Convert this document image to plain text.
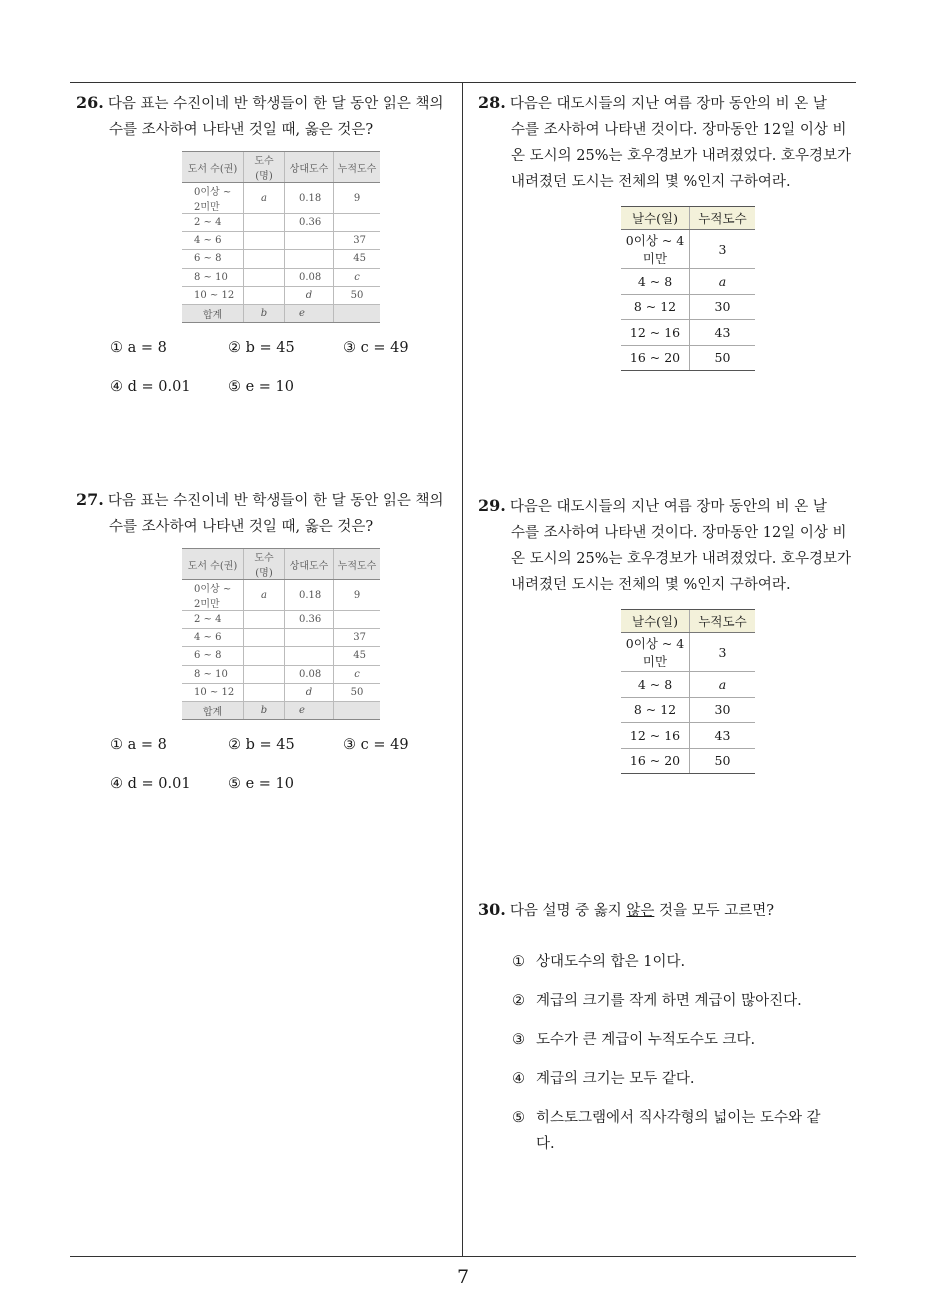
26. 다음 표는 수진이네 반 학생들이 한 달 동안 읽은 책의
수를 조사하여 나타낸 것일 때, 옳은 것은?

도서 수(권)	도수(명)	상대도수	누적도수
0이상 ~ 2미만	a	0.18	9
2 ~ 4		0.36	
4 ~ 6			37
6 ~ 8			45
8 ~ 10		0.08	c
10 ~ 12		d	50
합계	b	e	
① a = 8	② b = 45	③ c = 49
④ d = 0.01	⑤ e = 10

27. 다음 표는 수진이네 반 학생들이 한 달 동안 읽은 책의
수를 조사하여 나타낸 것일 때, 옳은 것은?

도서 수(권)	도수(명)	상대도수	누적도수
0이상 ~ 2미만	a	0.18	9
2 ~ 4		0.36	
4 ~ 6			37
6 ~ 8			45
8 ~ 10		0.08	c
10 ~ 12		d	50
합계	b	e	
① a = 8	② b = 45	③ c = 49
④ d = 0.01	⑤ e = 10

28. 다음은 대도시들의 지난 여름 장마 동안의 비 온 날
수를 조사하여 나타낸 것이다. 장마동안 12일 이상 비
온 도시의 25%는 호우경보가 내려졌었다. 호우경보가
내려졌던 도시는 전체의 몇 %인지 구하여라.

날수(일)	누적도수
0이상 ~ 4미만	3
4 ~ 8	a
8 ~ 12	30
12 ~ 16	43
16 ~ 20	50

29. 다음은 대도시들의 지난 여름 장마 동안의 비 온 날
수를 조사하여 나타낸 것이다. 장마동안 12일 이상 비
온 도시의 25%는 호우경보가 내려졌었다. 호우경보가
내려졌던 도시는 전체의 몇 %인지 구하여라.

날수(일)	누적도수
0이상 ~ 4미만	3
4 ~ 8	a
8 ~ 12	30
12 ~ 16	43
16 ~ 20	50

30. 다음 설명 중 옳지 않은 것을 모두 고르면?

① 상대도수의 합은 1이다.
② 계급의 크기를 작게 하면 계급이 많아진다.
③ 도수가 큰 계급이 누적도수도 크다.
④ 계급의 크기는 모두 같다.
⑤ 히스토그램에서 직사각형의 넓이는 도수와 같
다.
7
